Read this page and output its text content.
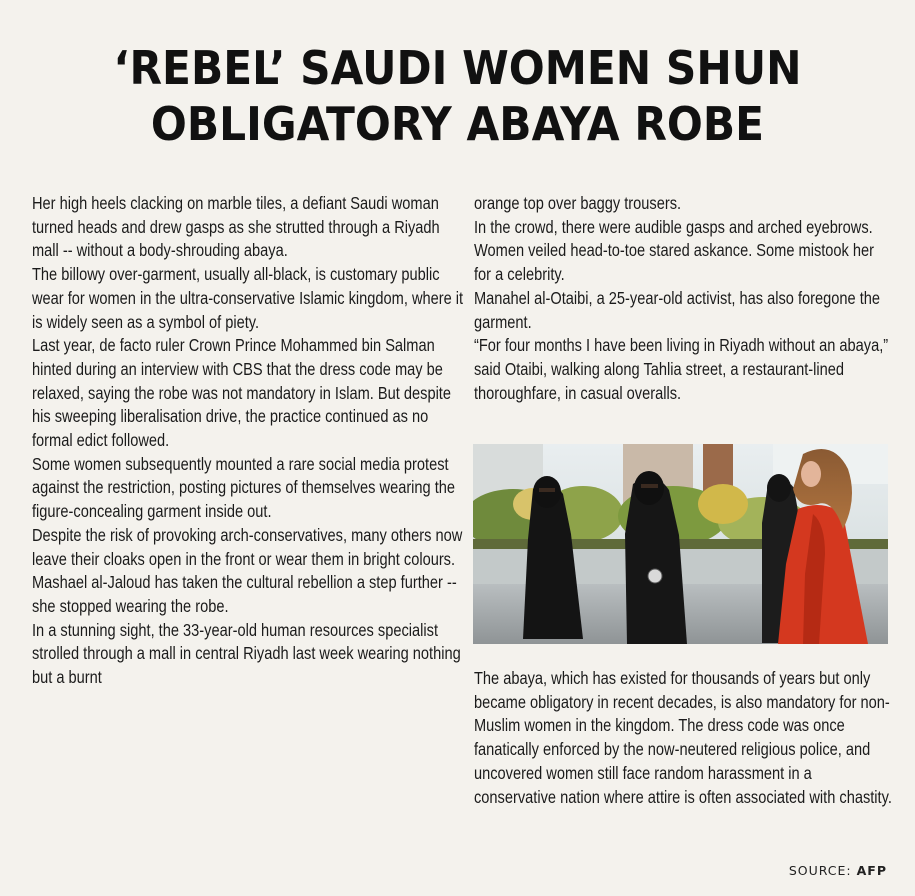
‘REBEL’ SAUDI WOMEN SHUN
OBLIGATORY ABAYA ROBE

Her high heels clacking on marble tiles, a defiant Saudi woman turned heads and drew gasps as she strutted through a Riyadh mall -- without a body-shrouding abaya.

The billowy over-garment, usually all-black, is customary public wear for women in the ultra-conservative Islamic kingdom, where it is widely seen as a symbol of piety.

Last year, de facto ruler Crown Prince Mohammed bin Salman hinted during an interview with CBS that the dress code may be relaxed, saying the robe was not mandatory in Islam. But despite his sweeping liberalisation drive, the practice continued as no formal edict followed.

Some women subsequently mounted a rare social media protest against the restriction, posting pictures of themselves wearing the figure-concealing garment inside out.

Despite the risk of provoking arch-conservatives, many others now leave their cloaks open in the front or wear them in bright colours.

Mashael al-Jaloud has taken the cultural rebellion a step further -- she stopped wearing the robe.

In a stunning sight, the 33-year-old human resources specialist strolled through a mall in central Riyadh last week wearing nothing but a burnt

orange top over baggy trousers.

In the crowd, there were audible gasps and arched eyebrows. Women veiled head-to-toe stared askance. Some mistook her for a celebrity.

Manahel al-Otaibi, a 25-year-old activist, has also foregone the garment.

“For four months I have been living in Riyadh without an abaya,” said Otaibi, walking along Tahlia street, a restaurant-lined thoroughfare, in casual overalls.

The abaya, which has existed for thousands of years but only became obligatory in recent decades, is also mandatory for non-Muslim women in the kingdom. The dress code was once fanatically enforced by the now-neutered religious police, and uncovered women still face random harassment in a conservative nation where attire is often associated with chastity.

SOURCE: AFP
